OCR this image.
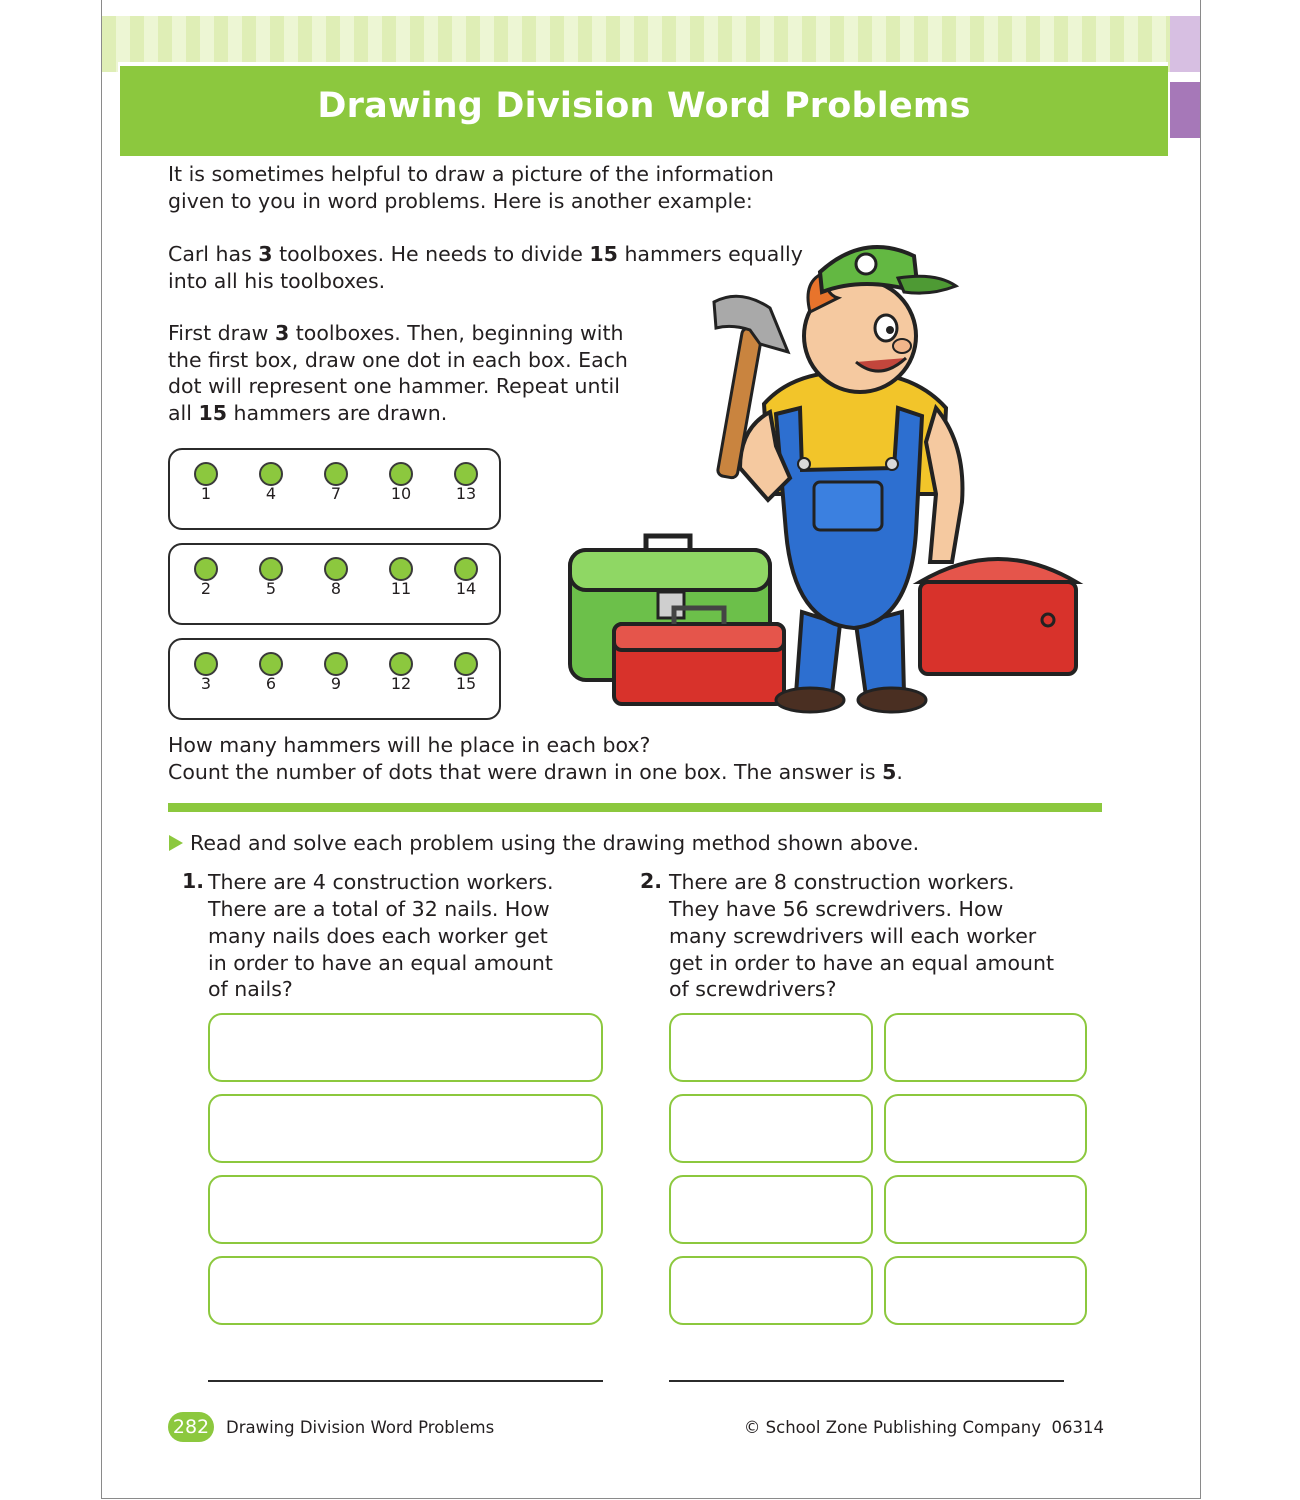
Drawing Division Word Problems
It is sometimes helpful to draw a picture of the information
given to you in word problems. Here is another example:
Carl has 3 toolboxes. He needs to divide 15 hammers equally
into all his toolboxes.
First draw 3 toolboxes. Then, beginning with
the first box, draw one dot in each box. Each
dot will represent one hammer. Repeat until
all 15 hammers are drawn.
1	4	7	10	13
2	5	8	11	14
3	6	9	12	15
How many hammers will he place in each box?
Count the number of dots that were drawn in one box. The answer is 5.
Read and solve each problem using the drawing method shown above.
1. There are 4 construction workers.
There are a total of 32 nails. How
many nails does each worker get
in order to have an equal amount
of nails?
2. There are 8 construction workers.
They have 56 screwdrivers. How
many screwdrivers will each worker
get in order to have an equal amount
of screwdrivers?
282 Drawing Division Word Problems	© School Zone Publishing Company  06314
